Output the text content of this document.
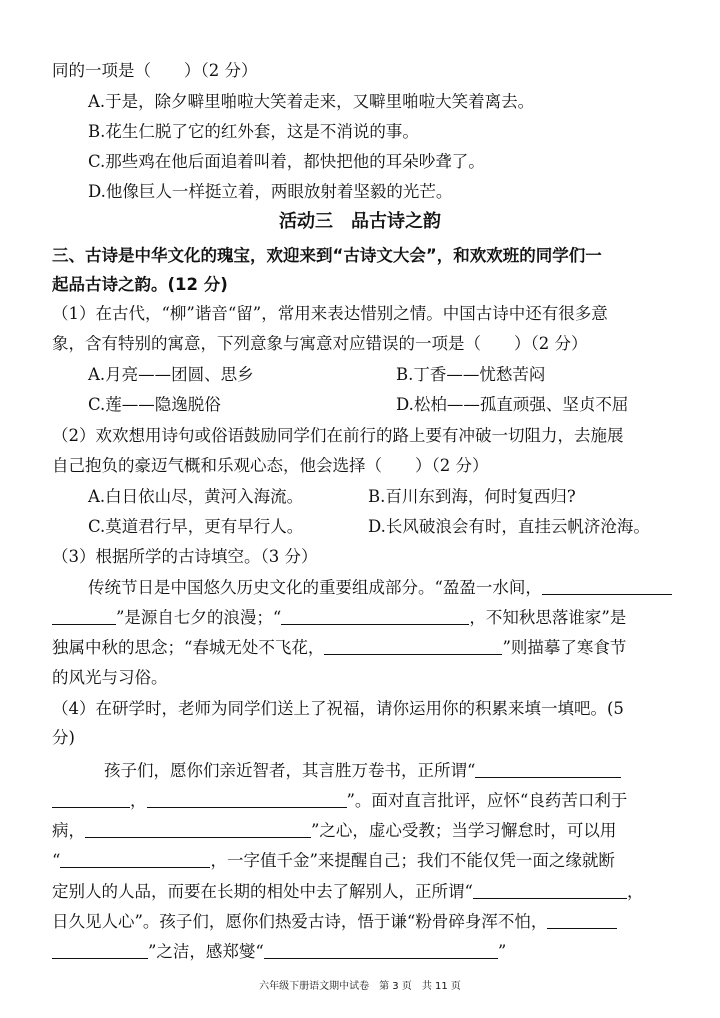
同的一项是（　　）（2 分）
A.于是，除夕噼里啪啦大笑着走来，又噼里啪啦大笑着离去。
B.花生仁脱了它的红外套，这是不消说的事。
C.那些鸡在他后面追着叫着，都快把他的耳朵吵聋了。
D.他像巨人一样挺立着，两眼放射着坚毅的光芒。
活动三　品古诗之韵
三、古诗是中华文化的瑰宝，欢迎来到“古诗文大会”，和欢欢班的同学们一
起品古诗之韵。(12 分)
（1）在古代，“柳”谐音“留”，常用来表达惜别之情。中国古诗中还有很多意
象，含有特别的寓意，下列意象与寓意对应错误的一项是（　　）（2 分）
A.月亮——团圆、思乡	B.丁香——忧愁苦闷
C.莲——隐逸脱俗	D.松柏——孤直顽强、坚贞不屈
（2）欢欢想用诗句或俗语鼓励同学们在前行的路上要有冲破一切阻力，去施展
自己抱负的豪迈气概和乐观心态，他会选择（　　）（2 分）
A.白日依山尽，黄河入海流。	B.百川东到海，何时复西归?
C.莫道君行早，更有早行人。	D.长风破浪会有时，直挂云帆济沧海。
（3）根据所学的古诗填空。（3 分）
传统节日是中国悠久历史文化的重要组成部分。“盈盈一水间，
”是源自七夕的浪漫；“	，不知秋思落谁家”是
独属中秋的思念；“春城无处不飞花，	”则描摹了寒食节
的风光与习俗。
（4）在研学时，老师为同学们送上了祝福，请你运用你的积累来填一填吧。(5
分)
孩子们，愿你们亲近智者，其言胜万卷书，正所谓“
，	”。面对直言批评，应怀“良药苦口利于
病，	”之心，虚心受教；当学习懈怠时，可以用
“	，一字值千金”来提醒自己；我们不能仅凭一面之缘就断
定别人的人品，而要在长期的相处中去了解别人，正所谓“	，
日久见人心”。孩子们，愿你们热爱古诗，悟于谦“粉骨碎身浑不怕，
”之洁，感郑燮“	”
六年级下册语文期中试卷　第 3 页　共 11 页
